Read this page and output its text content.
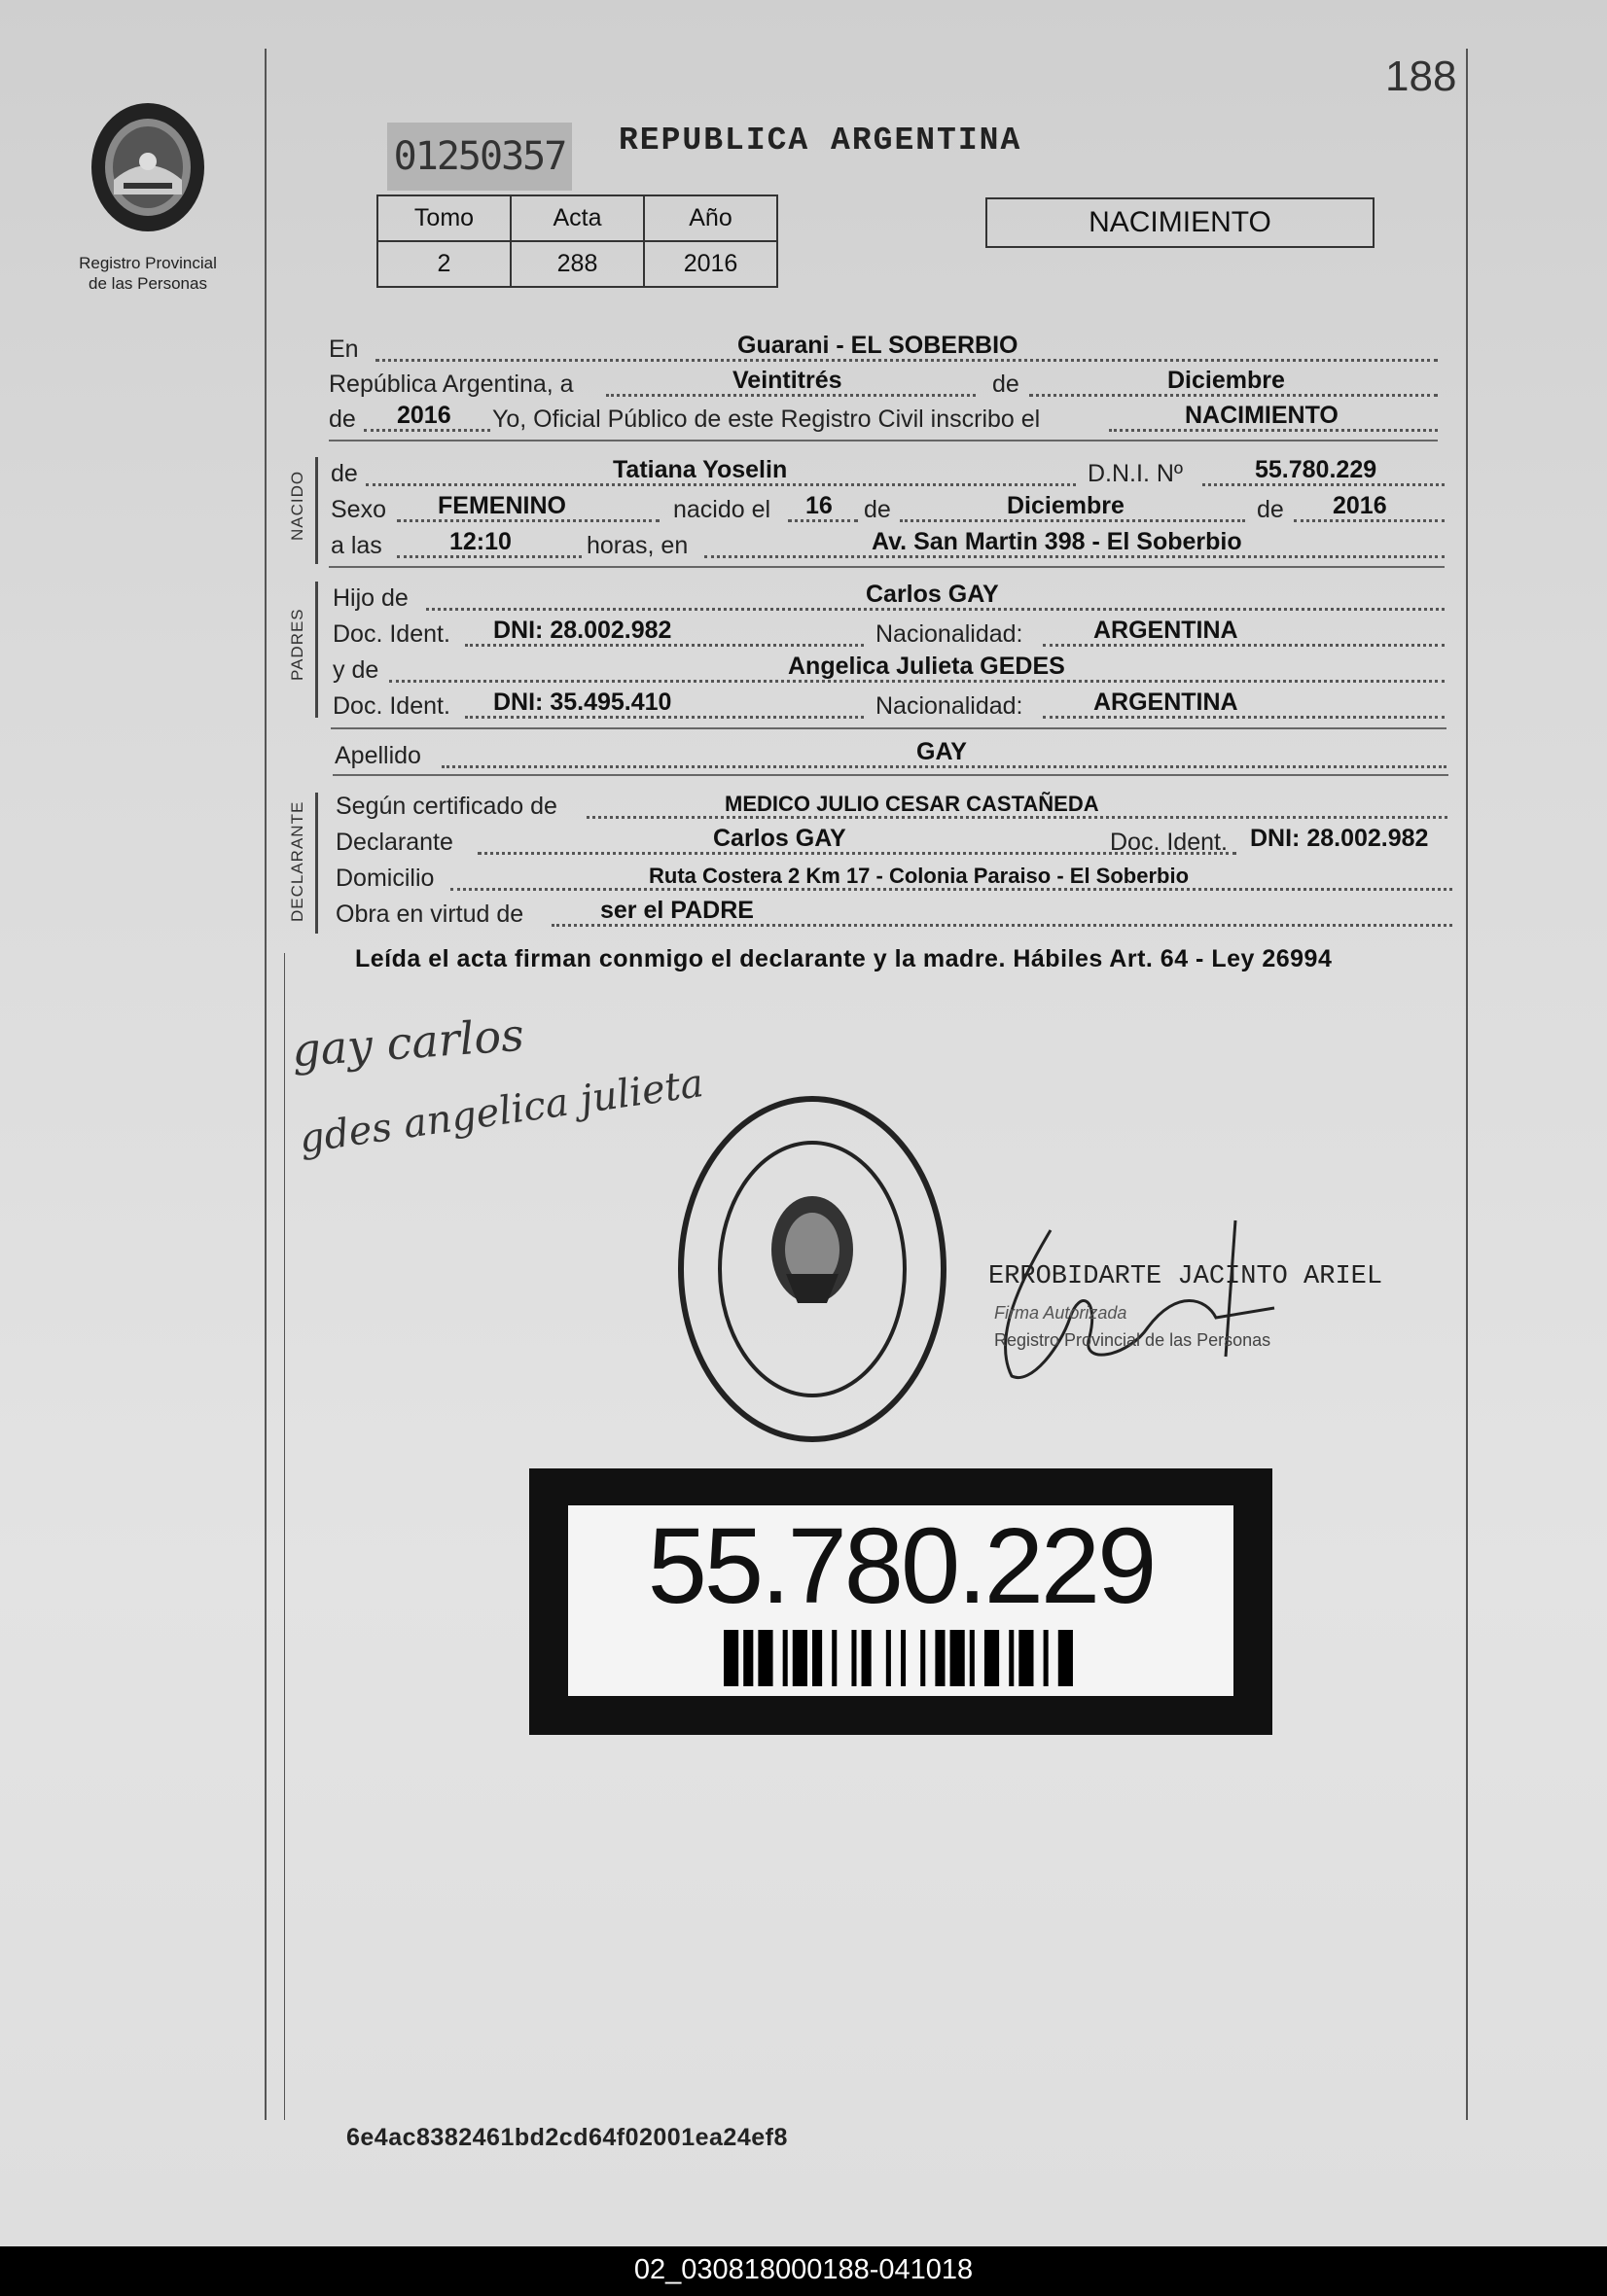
188
Registro Provincial
de las Personas
01250357 REPUBLICA ARGENTINA
Tomo	Acta	Año
2	288	2016
NACIMIENTO
En	Guarani - EL SOBERBIO
República Argentina, a	Veintitrés	de	Diciembre
de 2016 Yo, Oficial Público de este Registro Civil inscribo el	NACIMIENTO
NACIDO de	Tatiana Yoselin	D.N.I. Nº	55.780.229
Sexo FEMENINO	nacido el 16 de	Diciembre	de 2016
a las	12:10	horas, en	Av. San Martin 398 - El Soberbio
PADRES
Hijo de	Carlos GAY
Doc. Ident. DNI: 28.002.982	Nacionalidad:	ARGENTINA
y de	Angelica Julieta GEDES
Doc. Ident. DNI: 35.495.410	Nacionalidad:	ARGENTINA
Apellido	GAY
DECLARANTE Según certificado de	MEDICO JULIO CESAR CASTAÑEDA
Declarante	Carlos GAY	Doc. Ident. DNI: 28.002.982
Domicilio	Ruta Costera 2 Km 17 - Colonia Paraiso - El Soberbio
Obra en virtud de	ser el PADRE
Leída el acta firman conmigo el declarante y la madre. Hábiles Art. 64 - Ley 26994
gay carlos
gdes angelica julieta
ERROBIDARTE JACINTO ARIEL
Firma Autorizada
Registro Provincial de las Personas
55.780.229
6e4ac8382461bd2cd64f02001ea24ef8
02_030818000188-041018
